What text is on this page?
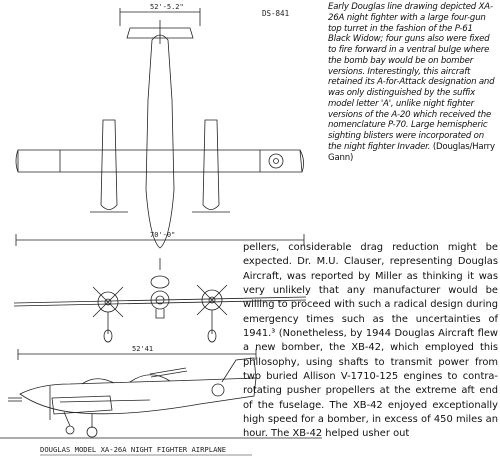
DS-841
52'-5.2"
70'-0"
52'41
DOUGLAS MODEL XA-26A NIGHT FIGHTER AIRPLANE
Early Douglas line drawing depicted XA-26A night fighter with a large four-gun top turret in the fashion of the P-61 Black Widow; four guns also were fixed to fire forward in a ventral bulge where the bomb bay would be on bomber versions. Interestingly, this aircraft retained its A-for-Attack designation and was only distinguished by the suffix model letter 'A', unlike night fighter versions of the A-20 which received the nomenclature P-70. Large hemispheric sighting blisters were incorporated on the night fighter Invader. (Douglas/Harry Gann)

pellers, considerable drag reduction might be expected. Dr. M.U. Clauser, representing Douglas Aircraft, was reported by Miller as thinking it was very unlikely that any manufacturer would be willing to proceed with such a radical design during emergency times such as the uncertainties of 1941.³ (Nonetheless, by 1944 Douglas Aircraft flew a new bomber, the XB-42, which employed this philosophy, using shafts to transmit power from two buried Allison V-1710-125 engines to contra-rotating pusher propellers at the extreme aft end of the fuselage. The XB-42 enjoyed exceptionally high speed for a bomber, in excess of 450 miles an hour. The XB-42 helped usher out
